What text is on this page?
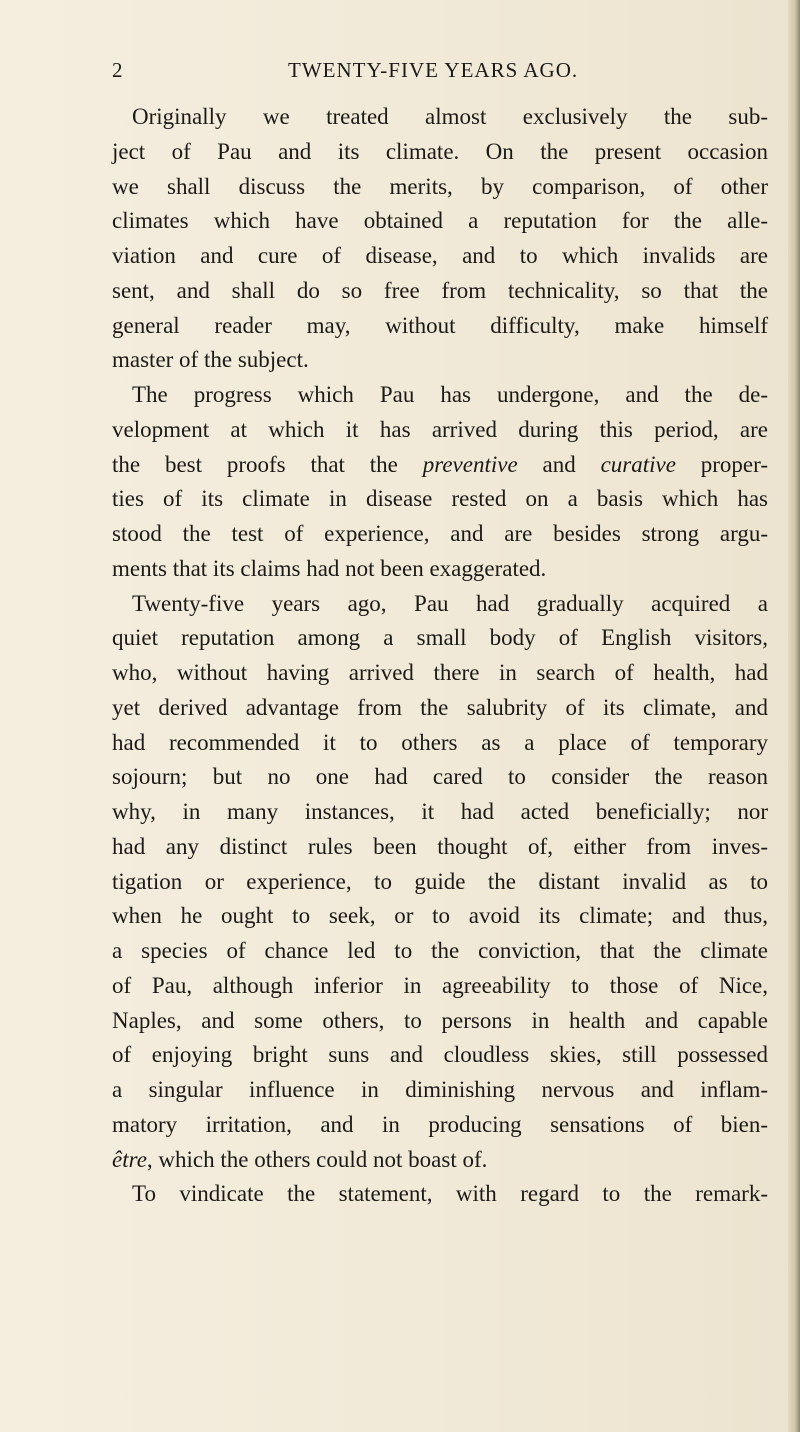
2	TWENTY-FIVE YEARS AGO.
Originally we treated almost exclusively the sub-
ject of Pau and its climate. On the present occasion
we shall discuss the merits, by comparison, of other
climates which have obtained a reputation for the alle-
viation and cure of disease, and to which invalids are
sent, and shall do so free from technicality, so that the
general reader may, without difficulty, make himself
master of the subject.
The progress which Pau has undergone, and the de-
velopment at which it has arrived during this period, are
the best proofs that the preventive and curative proper-
ties of its climate in disease rested on a basis which has
stood the test of experience, and are besides strong argu-
ments that its claims had not been exaggerated.
Twenty-five years ago, Pau had gradually acquired a
quiet reputation among a small body of English visitors,
who, without having arrived there in search of health, had
yet derived advantage from the salubrity of its climate, and
had recommended it to others as a place of temporary
sojourn; but no one had cared to consider the reason
why, in many instances, it had acted beneficially; nor
had any distinct rules been thought of, either from inves-
tigation or experience, to guide the distant invalid as to
when he ought to seek, or to avoid its climate; and thus,
a species of chance led to the conviction, that the climate
of Pau, although inferior in agreeability to those of Nice,
Naples, and some others, to persons in health and capable
of enjoying bright suns and cloudless skies, still possessed
a singular influence in diminishing nervous and inflam-
matory irritation, and in producing sensations of bien-
être, which the others could not boast of.
To vindicate the statement, with regard to the remark-
